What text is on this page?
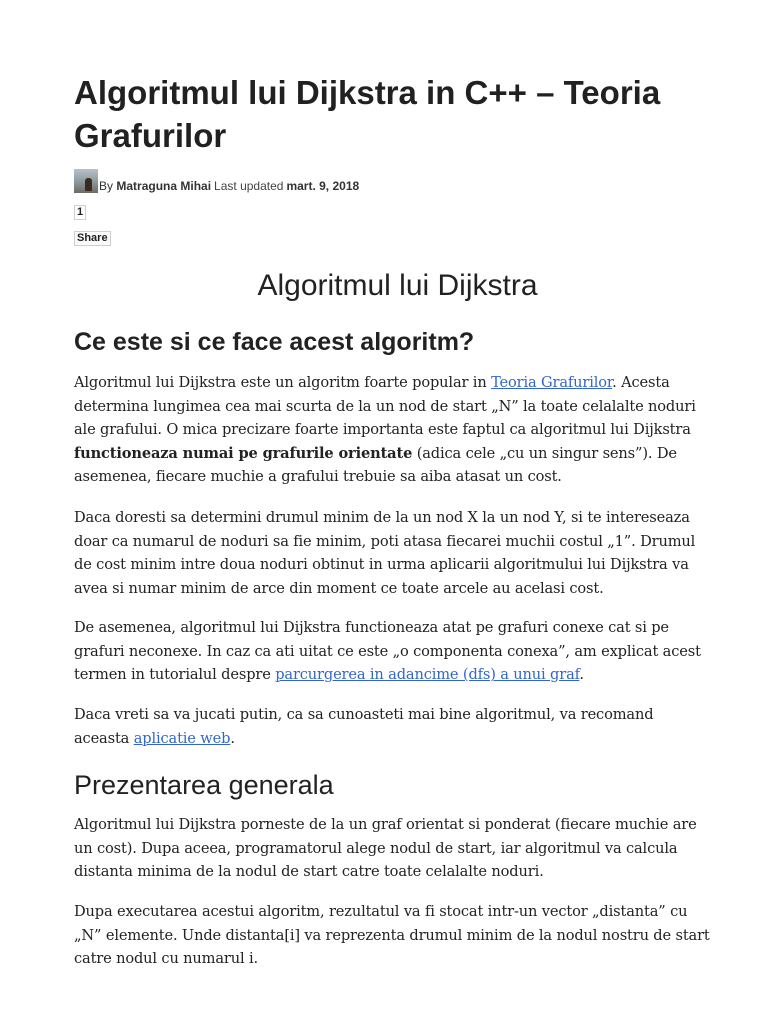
Algoritmul lui Dijkstra in C++ – Teoria Grafurilor
By
Matraguna Mihai Last updated mart. 9, 2018
1
Share
Algoritmul lui Dijkstra
Ce este si ce face acest algoritm?

Algoritmul lui Dijkstra este un algoritm foarte popular in Teoria Grafurilor. Acesta determina lungimea cea mai scurta de la un nod de start „N” la toate celalalte noduri ale grafului. O mica precizare foarte importanta este faptul ca algoritmul lui Dijkstra functioneaza numai pe grafurile orientate (adica cele „cu un singur sens”). De asemenea, fiecare muchie a grafului trebuie sa aiba atasat un cost.

Daca doresti sa determini drumul minim de la un nod X la un nod Y, si te intereseaza doar ca numarul de noduri sa fie minim, poti atasa fiecarei muchii costul „1”. Drumul de cost minim intre doua noduri obtinut in urma aplicarii algoritmului lui Dijkstra va avea si numar minim de arce din moment ce toate arcele au acelasi cost.

De asemenea, algoritmul lui Dijkstra functioneaza atat pe grafuri conexe cat si pe grafuri neconexe. In caz ca ati uitat ce este „o componenta conexa”, am explicat acest termen in tutorialul despre parcurgerea in adancime (dfs) a unui graf.

Daca vreti sa va jucati putin, ca sa cunoasteti mai bine algoritmul, va recomand aceasta aplicatie web.

Prezentarea generala

Algoritmul lui Dijkstra porneste de la un graf orientat si ponderat (fiecare muchie are un cost). Dupa aceea, programatorul alege nodul de start, iar algoritmul va calcula distanta minima de la nodul de start catre toate celalalte noduri.

Dupa executarea acestui algoritm, rezultatul va fi stocat intr-un vector „distanta” cu „N” elemente. Unde distanta[i] va reprezenta drumul minim de la nodul nostru de start catre nodul cu numarul i.
